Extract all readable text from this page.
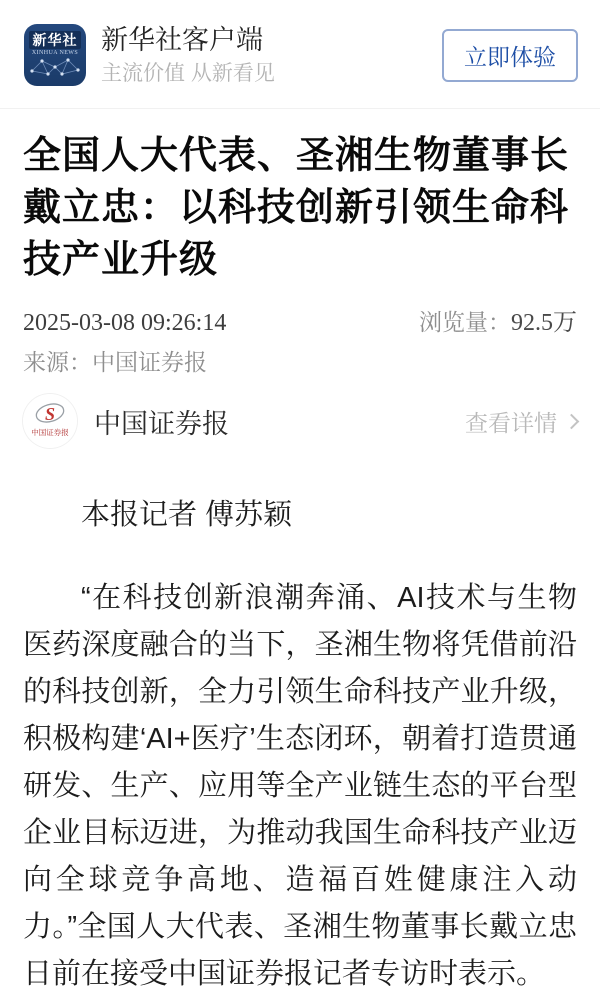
新华社
XINHUA NEWS 新华社客户端
主流价值 从新看见
立即体验
全国人大代表、圣湘生物董事长戴立忠：以科技创新引领生命科技产业升级
2025-03-08 09:26:14	浏览量：92.5万
来源：中国证券报
S
中国证券报 中国证券报	查看详情

本报记者 傅苏颖

“在科技创新浪潮奔涌、AI技术与生物医药深度融合的当下，圣湘生物将凭借前沿的科技创新，全力引领生命科技产业升级，积极构建‘AI+医疗’生态闭环，朝着打造贯通研发、生产、应用等全产业链生态的平台型企业目标迈进，为推动我国生命科技产业迈向全球竞争高地、造福百姓健康注入动力。”全国人大代表、圣湘生物董事长戴立忠日前在接受中国证券报记者专访时表示。
